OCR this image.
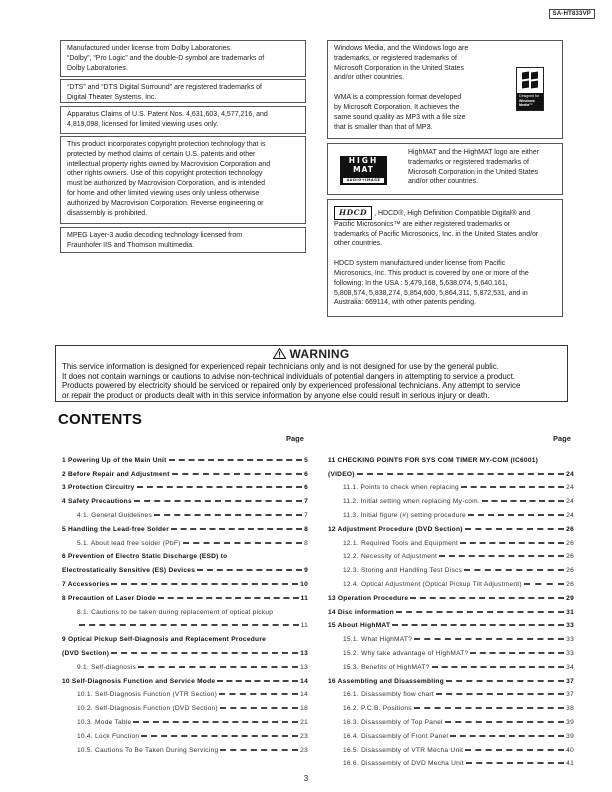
SA-HT833VP
Manufactured under license from Dolby Laboratories.
“Dolby”, “Pro Logic” and the double-D symbol are trademarks of
Dolby Laboratories.
“DTS” and “DTS Digital Surround” are registered trademarks of
Digital Theater Systems, Inc.
Apparatus Claims of U.S. Patent Nos. 4,631,603, 4,577,216, and
4,819,098, licensed for limited viewing uses only.
This product incorporates copyright protection technology that is
protected by method claims of certain U.S. patents and other
intellectual property rights owned by Macrovision Corporation and
other rights owners. Use of this copyright protection technology
must be authorized by Macrovision Corporation, and is intended
for home and other limited viewing uses only unless otherwise
authorized by Macrovision Corporation. Reverse engineering or
disassembly is prohibited.
MPEG Layer-3 audio decoding technology licensed from
Fraunhofer IIS and Thomson multimedia.
Windows Media, and the Windows logo are
trademarks, or registered trademarks of
Microsoft Corporation in the United States
and/or other countries.
WMA is a compression format developed
by Microsoft Corporation. It achieves the
same sound quality as MP3 with a file size
that is smaller than that of MP3.
Designed for
Windows
Media™
HIGH
MAT
AUDIO+IMAGE
HighMAT and the HighMAT logo are either
trademarks or registered trademarks of
Microsoft Corporation in the United States
and/or other countries.
HDCD , HDCD®, High Definition Compatible Digital® and
Pacific Microsonics™ are either registered trademarks or
trademarks of Pacific Microsonics, Inc. in the United States and/or
other countries.
HDCD system manufactured under license from Pacific
Microsonics, Inc. This product is covered by one or more of the
following: In the USA : 5,479,168, 5,638,074, 5,640,161,
5,808,574, 5,838,274, 5,854,600, 5,864,311, 5,872,531, and in
Australia: 669114, with other patents pending.
WARNING
This service information is designed for experienced repair technicians only and is not designed for use by the general public.
It does not contain warnings or cautions to advise non-technical individuals of potential dangers in attempting to service a product.
Products powered by electricity should be serviced or repaired only by experienced professional technicians. Any attempt to service
or repair the product or products dealt with in this service information by anyone else could result in serious injury or death.
CONTENTS
Page	Page
1 Powering Up of the Main Unit	5
2 Before Repair and Adjustment	6
3 Protection Circuitry	6
4 Safety Precautions	7
4.1. General Guidelines	7
5 Handling the Lead-free Solder	8
5.1. About lead free solder (PbF)	8
6 Prevention of Electro Static Discharge (ESD) to
Electrostatically Sensitive (ES) Devices	9
7 Accessories	10
8 Precaution of Laser Diode	11
8.1. Cautions to be taken during replacement of optical pickup
11
9 Optical Pickup Self-Diagnosis and Replacement Procedure
(DVD Section)	13
9.1. Self-diagnosis	13
10 Self-Diagnosis Function and Service Mode	14
10.1. Self-Diagnosis Function (VTR Section)	14
10.2. Self-Diagnosis Function (DVD Section)	18
10.3. Mode Table	21
10.4. Lock Function	23
10.5. Cautions To Be Taken During Servicing	23
11 CHECKING POINTS FOR SYS COM TIMER MY-COM (IC6001)
(VIDEO)	24
11.1. Points to check when replacing	24
11.2. Initial setting when replacing My-com.	24
11.3. Initial figure (#) setting procedure	24
12 Adjustment Procedure (DVD Section)	26
12.1. Required Tools and Equipment	26
12.2. Necessity of Adjustment	26
12.3. Storing and Handling Test Discs	26
12.4. Optical Adjustment (Optical Pickup Tilt Adjustment)	26
13 Operation Procedure	29
14 Disc information	31
15 About HighMAT	33
15.1. What HighMAT?	33
15.2. Why take advantage of HighMAT?	33
15.3. Benefits of HighMAT?	34
16 Assembling and Disassembling	37
16.1. Disassembly flow chart	37
16.2. P.C.B. Positions	38
16.3. Disassembly of Top Panel	39
16.4. Disassembly of Front Panel	39
16.5. Disassembly of VTR Mecha Unit	40
16.6. Disassembly of DVD Mecha Unit	41
3
